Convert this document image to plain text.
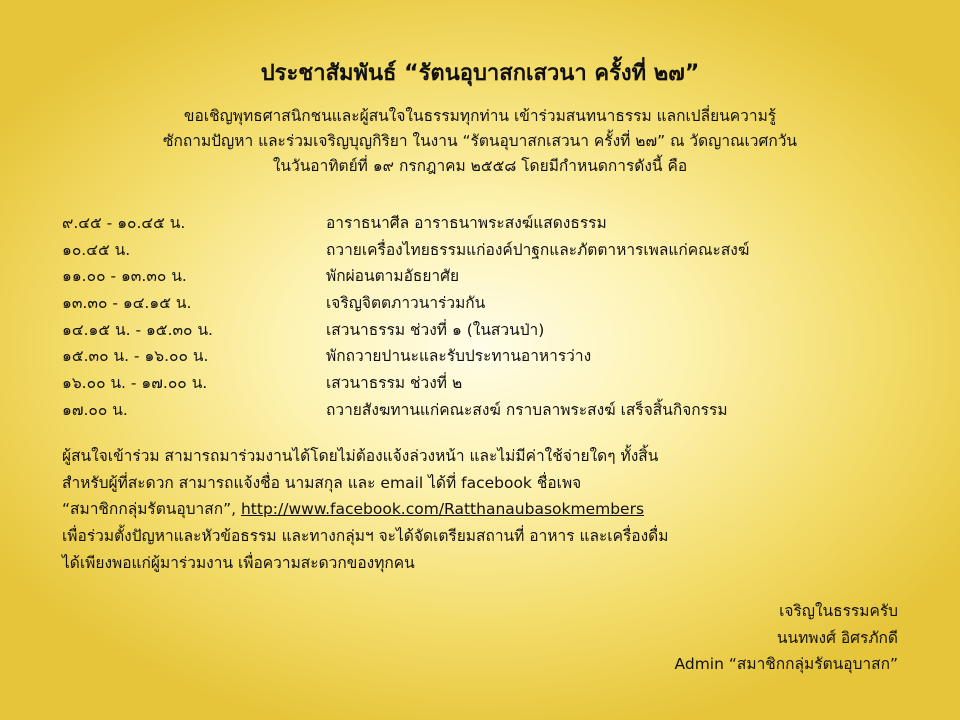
ประชาสัมพันธ์ “รัตนอุบาสกเสวนา ครั้งที่ ๒๗”
ขอเชิญพุทธศาสนิกชนและผู้สนใจในธรรมทุกท่าน เข้าร่วมสนทนาธรรม แลกเปลี่ยนความรู้
ซักถามปัญหา และร่วมเจริญบุญกิริยา ในงาน “รัตนอุบาสกเสวนา ครั้งที่ ๒๗” ณ วัดญาณเวศกวัน
ในวันอาทิตย์ที่ ๑๙ กรกฎาคม ๒๕๕๘ โดยมีกำหนดการดังนี้ คือ
๙.๔๕ - ๑๐.๔๕ น.	อาราธนาศีล อาราธนาพระสงฆ์แสดงธรรม
๑๐.๔๕ น.	ถวายเครื่องไทยธรรมแก่องค์ปาฐกและภัตตาหารเพลแก่คณะสงฆ์
๑๑.๐๐ - ๑๓.๓๐ น.	พักผ่อนตามอัธยาศัย
๑๓.๓๐ - ๑๔.๑๕ น.	เจริญจิตตภาวนาร่วมกัน
๑๔.๑๕ น. - ๑๕.๓๐ น.	เสวนาธรรม ช่วงที่ ๑ (ในสวนป่า)
๑๕.๓๐ น. - ๑๖.๐๐ น.	พักถวายปานะและรับประทานอาหารว่าง
๑๖.๐๐ น. - ๑๗.๐๐ น.	เสวนาธรรม ช่วงที่ ๒
๑๗.๐๐ น.	ถวายสังฆทานแก่คณะสงฆ์ กราบลาพระสงฆ์ เสร็จสิ้นกิจกรรม
ผู้สนใจเข้าร่วม สามารถมาร่วมงานได้โดยไม่ต้องแจ้งล่วงหน้า และไม่มีค่าใช้จ่ายใดๆ ทั้งสิ้น
สำหรับผู้ที่สะดวก สามารถแจ้งชื่อ นามสกุล และ email ได้ที่ facebook ชื่อเพจ
“สมาชิกกลุ่มรัตนอุบาสก”, http://www.facebook.com/Ratthanaubasokmembers
เพื่อร่วมตั้งปัญหาและหัวข้อธรรม และทางกลุ่มฯ จะได้จัดเตรียมสถานที่ อาหาร และเครื่องดื่ม
ได้เพียงพอแก่ผู้มาร่วมงาน เพื่อความสะดวกของทุกคน
เจริญในธรรมครับ
นนทพงศ์ อิศรภักดี
Admin “สมาชิกกลุ่มรัตนอุบาสก”
